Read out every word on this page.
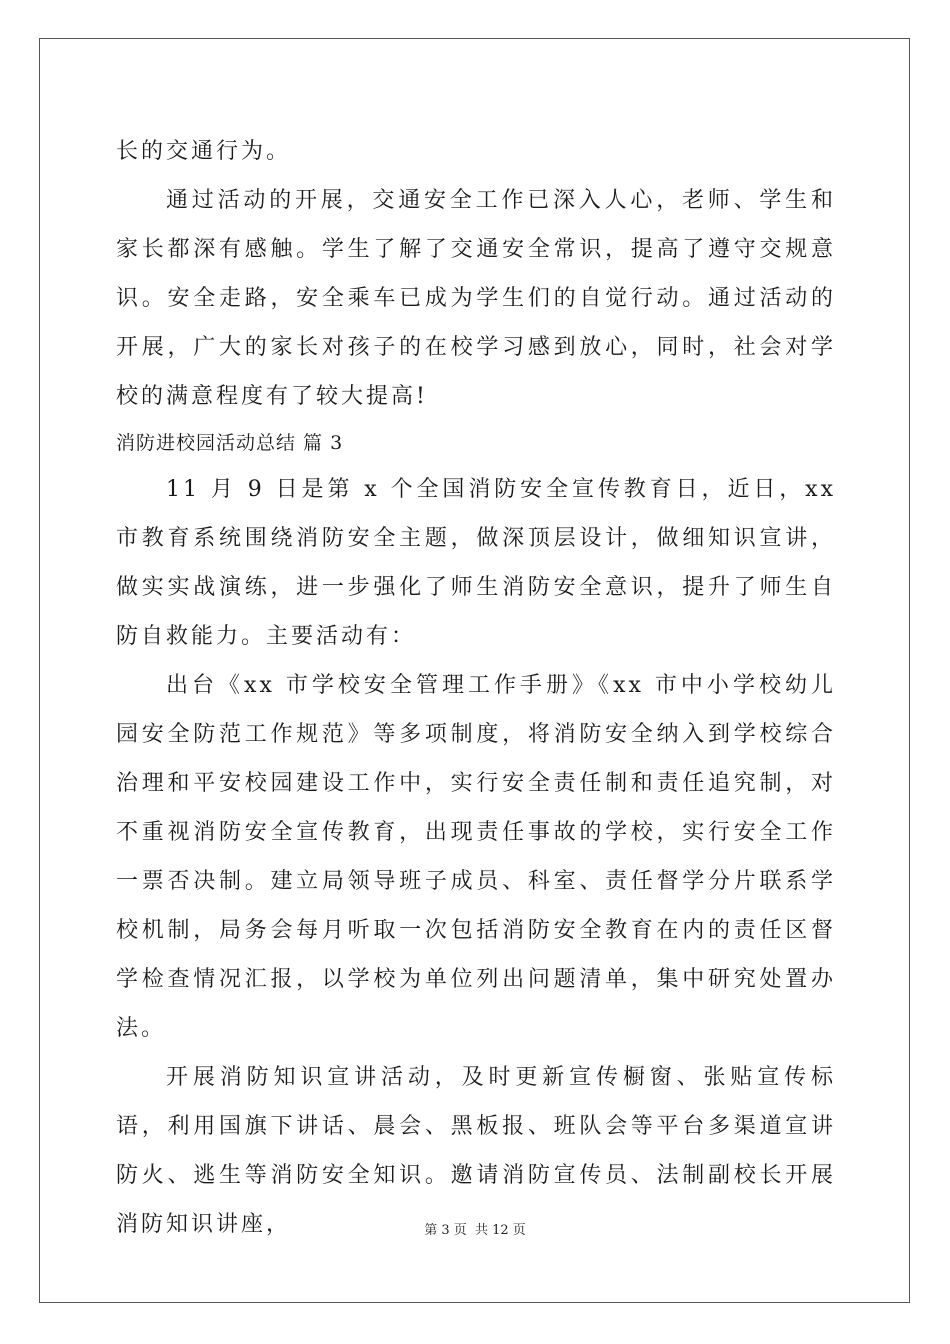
长的交通行为。

通过活动的开展，交通安全工作已深入人心，老师、学生和家长都深有感触。学生了解了交通安全常识，提高了遵守交规意识。安全走路，安全乘车已成为学生们的自觉行动。通过活动的开展，广大的家长对孩子的在校学习感到放心，同时，社会对学校的满意程度有了较大提高!

消防进校园活动总结 篇 3

11 月 9 日是第 x 个全国消防安全宣传教育日，近日，xx 市教育系统围绕消防安全主题，做深顶层设计，做细知识宣讲，做实实战演练，进一步强化了师生消防安全意识，提升了师生自防自救能力。主要活动有：

出台《xx 市学校安全管理工作手册》《xx 市中小学校幼儿园安全防范工作规范》等多项制度，将消防安全纳入到学校综合治理和平安校园建设工作中，实行安全责任制和责任追究制，对不重视消防安全宣传教育，出现责任事故的学校，实行安全工作一票否决制。建立局领导班子成员、科室、责任督学分片联系学校机制，局务会每月听取一次包括消防安全教育在内的责任区督学检查情况汇报，以学校为单位列出问题清单，集中研究处置办法。

开展消防知识宣讲活动，及时更新宣传橱窗、张贴宣传标语，利用国旗下讲话、晨会、黑板报、班队会等平台多渠道宣讲防火、逃生等消防安全知识。邀请消防宣传员、法制副校长开展消防知识讲座，	第 3 页 共 12 页
